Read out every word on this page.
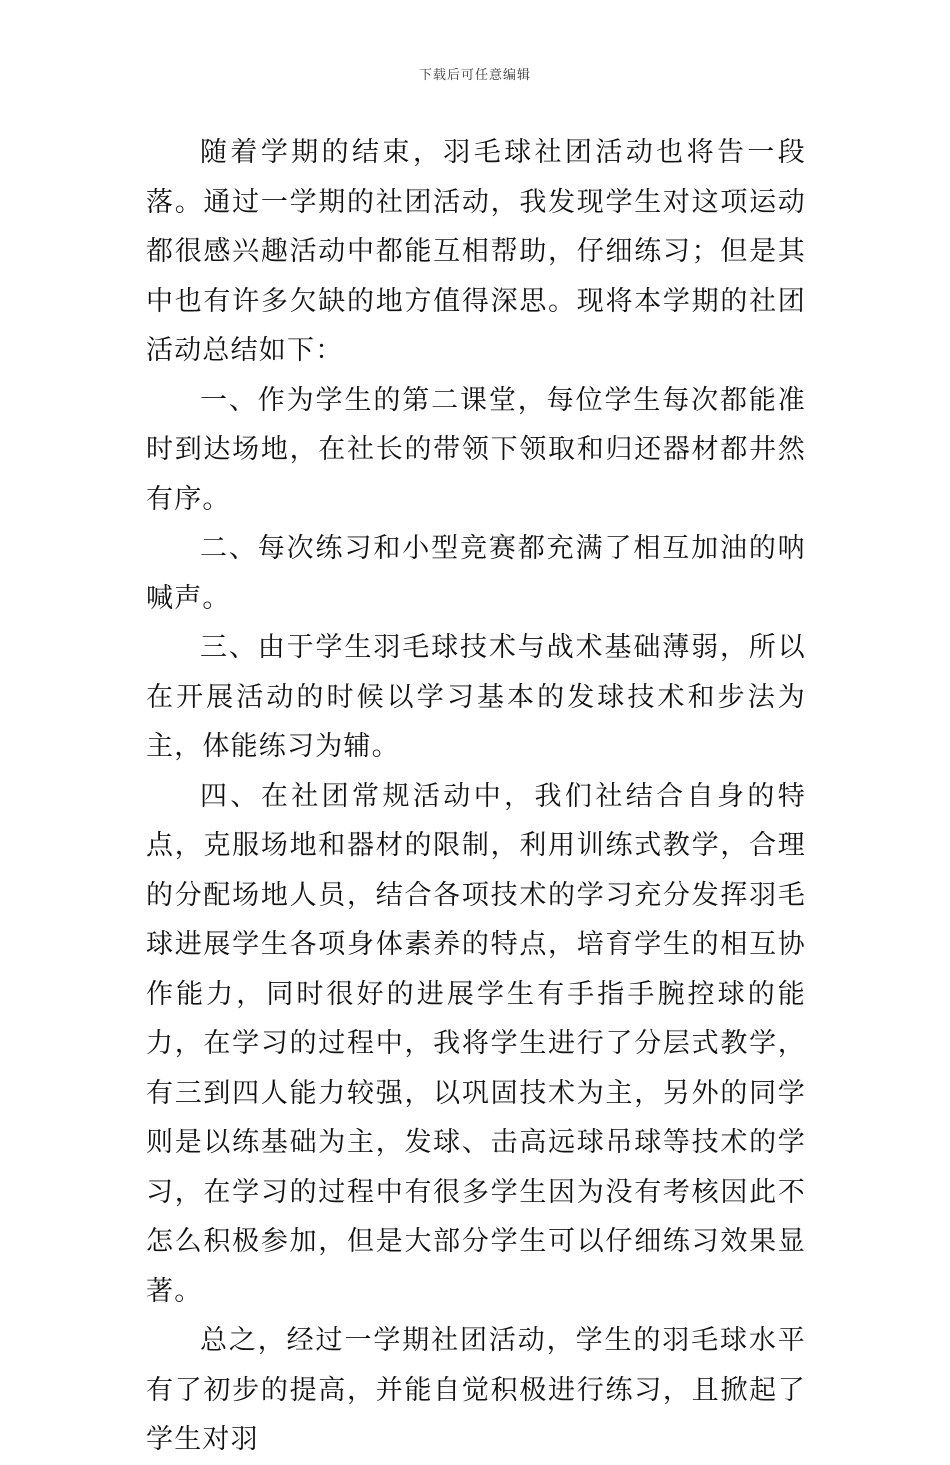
下载后可任意编辑

随着学期的结束，羽毛球社团活动也将告一段落。通过一学期的社团活动，我发现学生对这项运动都很感兴趣活动中都能互相帮助，仔细练习；但是其中也有许多欠缺的地方值得深思。现将本学期的社团活动总结如下：

一、作为学生的第二课堂，每位学生每次都能准时到达场地，在社长的带领下领取和归还器材都井然有序。

二、每次练习和小型竞赛都充满了相互加油的呐喊声。

三、由于学生羽毛球技术与战术基础薄弱，所以在开展活动的时候以学习基本的发球技术和步法为主，体能练习为辅。

四、在社团常规活动中，我们社结合自身的特点，克服场地和器材的限制，利用训练式教学，合理的分配场地人员，结合各项技术的学习充分发挥羽毛球进展学生各项身体素养的特点，培育学生的相互协作能力，同时很好的进展学生有手指手腕控球的能力，在学习的过程中，我将学生进行了分层式教学，有三到四人能力较强，以巩固技术为主，另外的同学则是以练基础为主，发球、击高远球吊球等技术的学习，在学习的过程中有很多学生因为没有考核因此不怎么积极参加，但是大部分学生可以仔细练习效果显著。

总之，经过一学期社团活动，学生的羽毛球水平有了初步的提高，并能自觉积极进行练习，且掀起了学生对羽
